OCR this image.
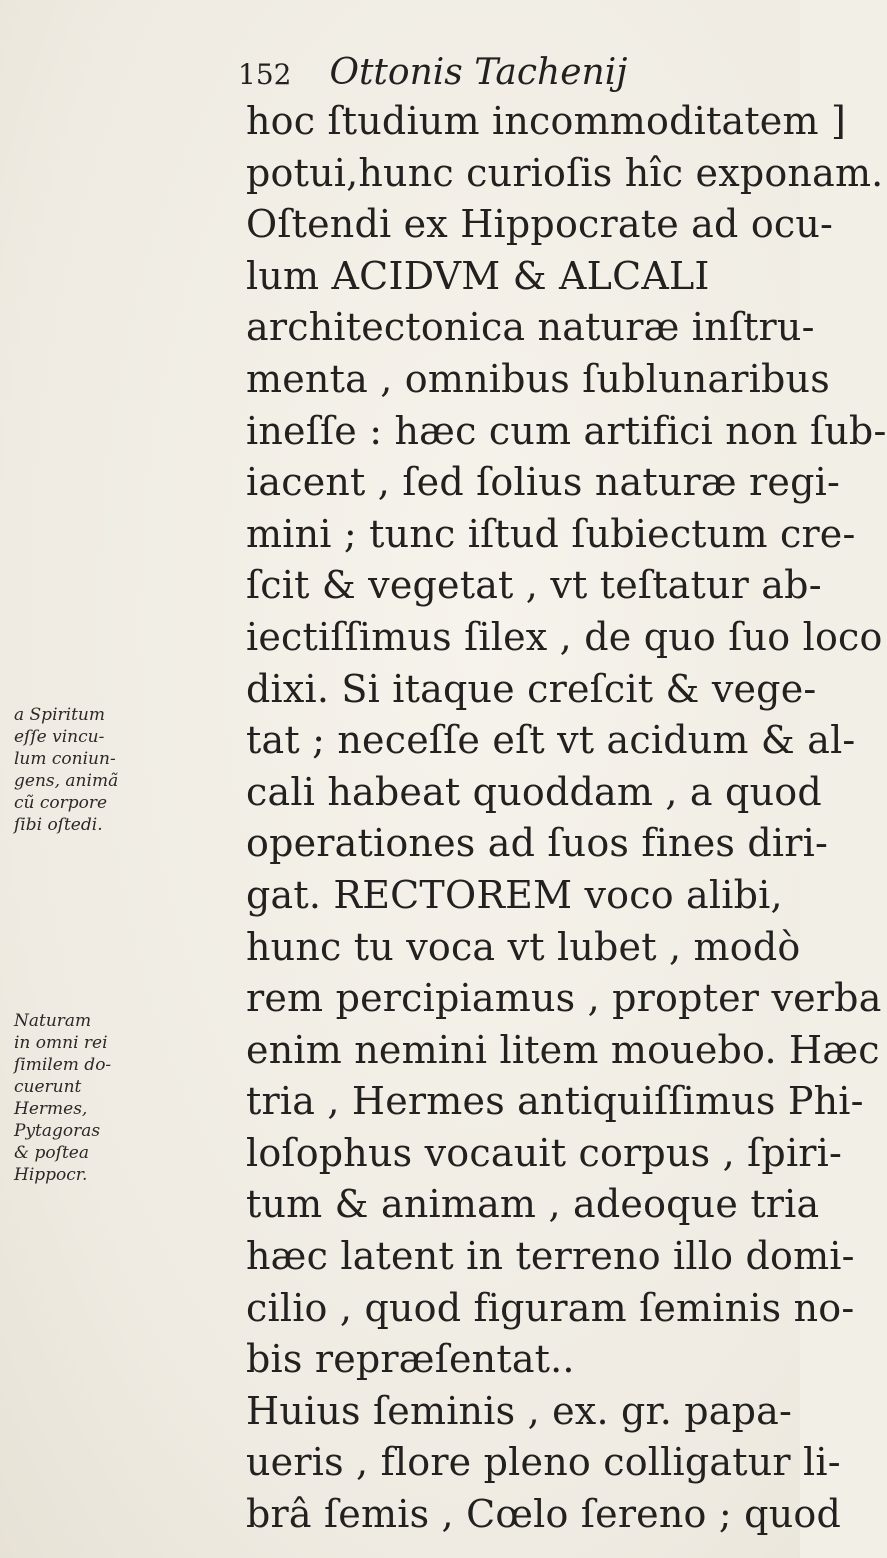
152 Ottonis Tachenij
hoc ſtudium incommoditatem ]
potui,hunc curioſis hîc exponam.
Oſtendi ex Hippocrate ad ocu-
lum ACIDVM & ALCALI
architectonica naturæ inſtru-
menta , omnibus ſublunaribus
ineſſe : hæc cum artifici non ſub-
iacent , ſed ſolius naturæ regi-
mini ; tunc iſtud ſubiectum cre-
ſcit & vegetat , vt teſtatur ab-
iectiſſimus ſilex , de quo ſuo loco
dixi. Si itaque creſcit & vege-
tat ; neceſſe eſt vt acidum & al-
cali habeat quoddam , a quod
operationes ad ſuos fines diri-
gat. RECTOREM voco alibi,
hunc tu voca vt lubet , modò
rem percipiamus , propter verba
enim nemini litem mouebo. Hæc
tria , Hermes antiquiſſimus Phi-
loſophus vocauit corpus , ſpiri-
tum & animam , adeoque tria
hæc latent in terreno illo domi-
cilio , quod figuram ſeminis no-
bis repræſentat..
Huius ſeminis , ex. gr. papa-
ueris , flore pleno colligatur li-
brâ ſemis , Cœlo ſereno ; quod
a Spiritum
eſſe vincu-
lum coniun-
gens, animã
cũ corpore
ſibi oſtedi.
Naturam
in omni rei
ſimilem do-
cuerunt
Hermes,
Pytagoras
& poſtea
Hippocr.
